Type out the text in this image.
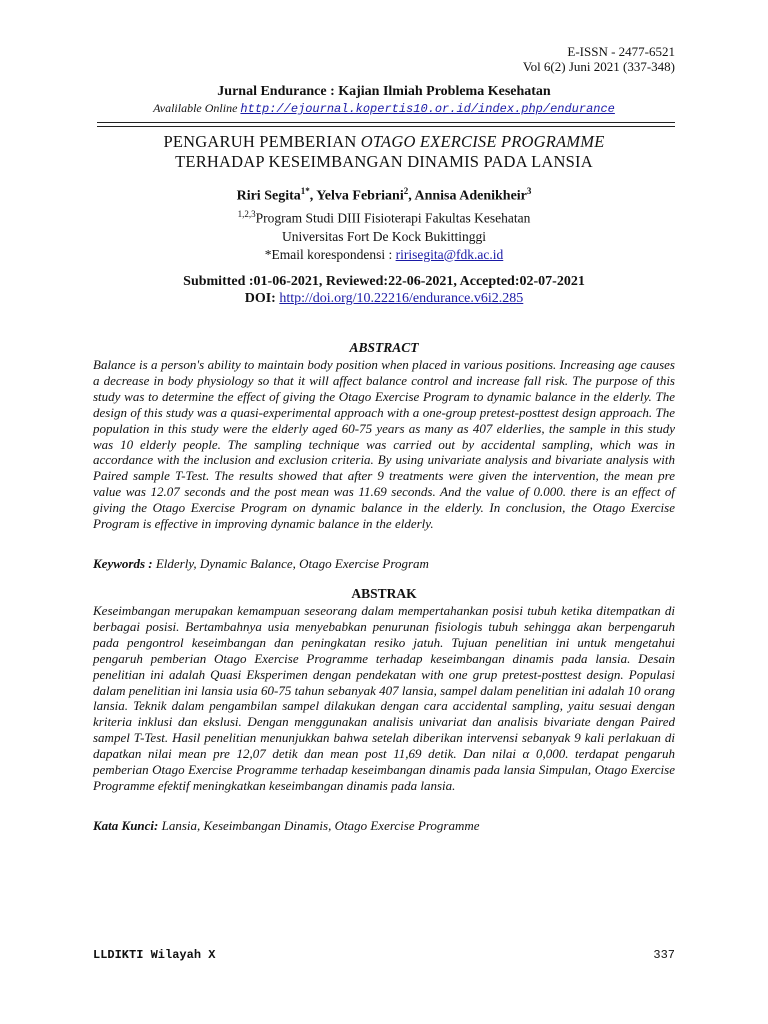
E-ISSN - 2477-6521
Vol 6(2) Juni 2021 (337-348)
Jurnal Endurance : Kajian Ilmiah Problema Kesehatan
Avalilable Online http://ejournal.kopertis10.or.id/index.php/endurance
PENGARUH PEMBERIAN OTAGO EXERCISE PROGRAMME
TERHADAP KESEIMBANGAN DINAMIS PADA LANSIA
Riri Segita$^{1*}$, Yelva Febriani$^2$, Annisa Adenikheir$^3$
$^{1,2,3}$Program Studi DIII Fisioterapi Fakultas Kesehatan
Universitas Fort De Kock Bukittinggi
*Email korespondensi : ririsegita@fdk.ac.id
Submitted :01-06-2021, Reviewed:22-06-2021, Accepted:02-07-2021
DOI: http://doi.org/10.22216/endurance.v6i2.285
ABSTRACT

Balance is a person's ability to maintain body position when placed in various positions. Increasing age causes a decrease in body physiology so that it will affect balance control and increase fall risk. The purpose of this study was to determine the effect of giving the Otago Exercise Program to dynamic balance in the elderly. The design of this study was a quasi-experimental approach with a one-group pretest-posttest design approach. The population in this study were the elderly aged 60-75 years as many as 407 elderlies, the sample in this study was 10 elderly people. The sampling technique was carried out by accidental sampling, which was in accordance with the inclusion and exclusion criteria. By using univariate analysis and bivariate analysis with Paired sample T-Test. The results showed that after 9 treatments were given the intervention, the mean pre value was 12.07 seconds and the post mean was 11.69 seconds. And the value of 0.000. there is an effect of giving the Otago Exercise Program on dynamic balance in the elderly. In conclusion, the Otago Exercise Program is effective in improving dynamic balance in the elderly.

Keywords : Elderly, Dynamic Balance, Otago Exercise Program
ABSTRAK

Keseimbangan merupakan kemampuan seseorang dalam mempertahankan posisi tubuh ketika ditempatkan di berbagai posisi. Bertambahnya usia menyebabkan penurunan fisiologis tubuh sehingga akan berpengaruh pada pengontrol keseimbangan dan peningkatan resiko jatuh. Tujuan penelitian ini untuk mengetahui pengaruh pemberian Otago Exercise Programme terhadap keseimbangan dinamis pada lansia. Desain penelitian ini adalah Quasi Eksperimen dengan pendekatan with one grup pretest-posttest design. Populasi dalam penelitian ini lansia usia 60-75 tahun sebanyak 407 lansia, sampel dalam penelitian ini adalah 10 orang lansia. Teknik dalam pengambilan sampel dilakukan dengan cara accidental sampling, yaitu sesuai dengan kriteria inklusi dan ekslusi. Dengan menggunakan analisis univariat dan analisis bivariate dengan Paired sampel T-Test. Hasil penelitian menunjukkan bahwa setelah diberikan intervensi sebanyak 9 kali perlakuan di dapatkan nilai mean pre 12,07 detik dan mean post 11,69 detik. Dan nilai α 0,000. terdapat pengaruh pemberian Otago Exercise Programme terhadap keseimbangan dinamis pada lansia Simpulan, Otago Exercise Programme efektif meningkatkan keseimbangan dinamis pada lansia.

Kata Kunci: Lansia, Keseimbangan Dinamis, Otago Exercise Programme
LLDIKTI Wilayah X	337
